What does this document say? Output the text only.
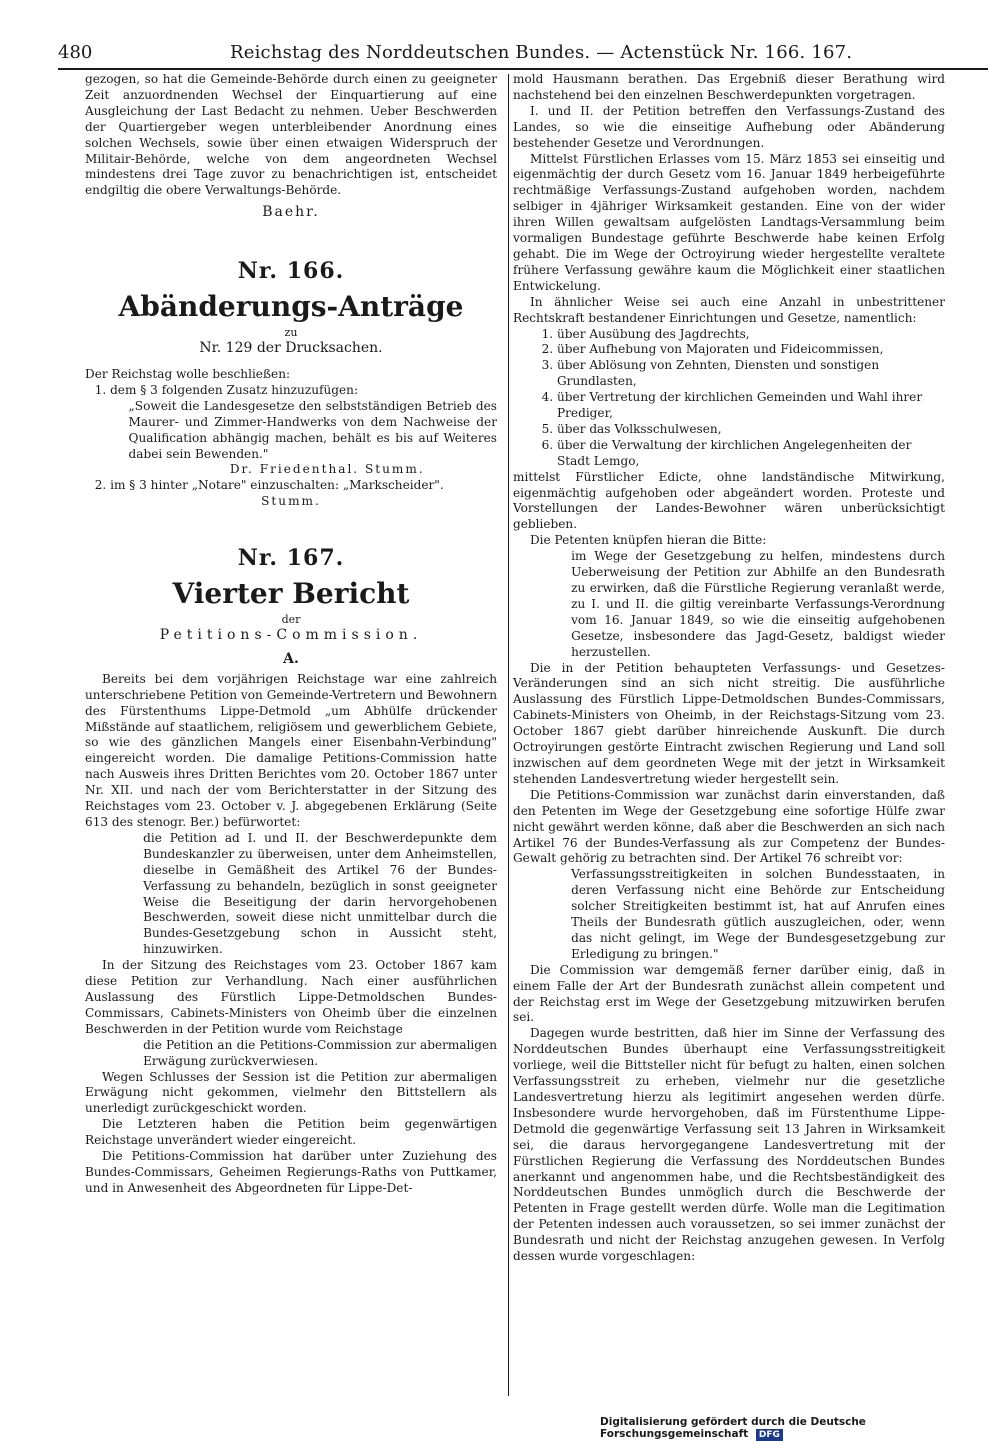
480	Reichstag des Norddeutschen Bundes. — Actenstück Nr. 166. 167.

gezogen, so hat die Gemeinde-Behörde durch einen zu geeigneter Zeit anzuordnenden Wechsel der Einquartierung auf eine Ausgleichung der Last Bedacht zu nehmen. Ueber Beschwerden der Quartiergeber wegen unterbleibender Anordnung eines solchen Wechsels, sowie über einen etwaigen Widerspruch der Militair-Behörde, welche von dem angeordneten Wechsel mindestens drei Tage zuvor zu benachrichtigen ist, entscheidet endgiltig die obere Verwaltungs-Behörde.

Baehr.

Nr. 166.

Abänderungs-Anträge

zu

Nr. 129 der Drucksachen.

Der Reichstag wolle beschließen:

1. dem § 3 folgenden Zusatz hinzuzufügen:

„Soweit die Landesgesetze den selbstständigen Betrieb des Maurer- und Zimmer-Handwerks von dem Nachweise der Qualification abhängig machen, behält es bis auf Weiteres dabei sein Bewenden."

Dr. Friedenthal. Stumm.

2. im § 3 hinter „Notare" einzuschalten: „Markscheider".

Stumm.

Nr. 167.

Vierter Bericht

der

Petitions-Commission.

A.

Bereits bei dem vorjährigen Reichstage war eine zahlreich unterschriebene Petition von Gemeinde-Vertretern und Bewohnern des Fürstenthums Lippe-Detmold „um Abhülfe drückender Mißstände auf staatlichem, religiösem und gewerblichem Gebiete, so wie des gänzlichen Mangels einer Eisenbahn-Verbindung" eingereicht worden. Die damalige Petitions-Commission hatte nach Ausweis ihres Dritten Berichtes vom 20. October 1867 unter Nr. XII. und nach der vom Berichterstatter in der Sitzung des Reichstages vom 23. October v. J. abgegebenen Erklärung (Seite 613 des stenogr. Ber.) befürwortet:

die Petition ad I. und II. der Beschwerdepunkte dem Bundeskanzler zu überweisen, unter dem Anheimstellen, dieselbe in Gemäßheit des Artikel 76 der Bundes-Verfassung zu behandeln, bezüglich in sonst geeigneter Weise die Beseitigung der darin hervorgehobenen Beschwerden, soweit diese nicht unmittelbar durch die Bundes-Gesetzgebung schon in Aussicht steht, hinzuwirken.

In der Sitzung des Reichstages vom 23. October 1867 kam diese Petition zur Verhandlung. Nach einer ausführlichen Auslassung des Fürstlich Lippe-Detmoldschen Bundes-Commissars, Cabinets-Ministers von Oheimb über die einzelnen Beschwerden in der Petition wurde vom Reichstage

die Petition an die Petitions-Commission zur abermaligen Erwägung zurückverwiesen.

Wegen Schlusses der Session ist die Petition zur abermaligen Erwägung nicht gekommen, vielmehr den Bittstellern als unerledigt zurückgeschickt worden.

Die Letzteren haben die Petition beim gegenwärtigen Reichstage unverändert wieder eingereicht.

Die Petitions-Commission hat darüber unter Zuziehung des Bundes-Commissars, Geheimen Regierungs-Raths von Puttkamer, und in Anwesenheit des Abgeordneten für Lippe-Det-

mold Hausmann berathen. Das Ergebniß dieser Berathung wird nachstehend bei den einzelnen Beschwerdepunkten vorgetragen.

I. und II. der Petition betreffen den Verfassungs-Zustand des Landes, so wie die einseitige Aufhebung oder Abänderung bestehender Gesetze und Verordnungen.

Mittelst Fürstlichen Erlasses vom 15. März 1853 sei einseitig und eigenmächtig der durch Gesetz vom 16. Januar 1849 herbeigeführte rechtmäßige Verfassungs-Zustand aufgehoben worden, nachdem selbiger in 4jähriger Wirksamkeit gestanden. Eine von der wider ihren Willen gewaltsam aufgelösten Landtags-Versammlung beim vormaligen Bundestage geführte Beschwerde habe keinen Erfolg gehabt. Die im Wege der Octroyirung wieder hergestellte veraltete frühere Verfassung gewähre kaum die Möglichkeit einer staatlichen Entwickelung.

In ähnlicher Weise sei auch eine Anzahl in unbestrittener Rechtskraft bestandener Einrichtungen und Gesetze, namentlich:

1. über Ausübung des Jagdrechts,
2. über Aufhebung von Majoraten und Fideicommissen,
3. über Ablösung von Zehnten, Diensten und sonstigen Grundlasten,
4. über Vertretung der kirchlichen Gemeinden und Wahl ihrer Prediger,
5. über das Volksschulwesen,
6. über die Verwaltung der kirchlichen Angelegenheiten der Stadt Lemgo,

mittelst Fürstlicher Edicte, ohne landständische Mitwirkung, eigenmächtig aufgehoben oder abgeändert worden. Proteste und Vorstellungen der Landes-Bewohner wären unberücksichtigt geblieben.

Die Petenten knüpfen hieran die Bitte:

im Wege der Gesetzgebung zu helfen, mindestens durch Ueberweisung der Petition zur Abhilfe an den Bundesrath zu erwirken, daß die Fürstliche Regierung veranlaßt werde, zu I. und II. die giltig vereinbarte Verfassungs-Verordnung vom 16. Januar 1849, so wie die einseitig aufgehobenen Gesetze, insbesondere das Jagd-Gesetz, baldigst wieder herzustellen.

Die in der Petition behaupteten Verfassungs- und Gesetzes-Veränderungen sind an sich nicht streitig. Die ausführliche Auslassung des Fürstlich Lippe-Detmoldschen Bundes-Commissars, Cabinets-Ministers von Oheimb, in der Reichstags-Sitzung vom 23. October 1867 giebt darüber hinreichende Auskunft. Die durch Octroyirungen gestörte Eintracht zwischen Regierung und Land soll inzwischen auf dem geordneten Wege mit der jetzt in Wirksamkeit stehenden Landesvertretung wieder hergestellt sein.

Die Petitions-Commission war zunächst darin einverstanden, daß den Petenten im Wege der Gesetzgebung eine sofortige Hülfe zwar nicht gewährt werden könne, daß aber die Beschwerden an sich nach Artikel 76 der Bundes-Verfassung als zur Competenz der Bundes-Gewalt gehörig zu betrachten sind. Der Artikel 76 schreibt vor:

Verfassungsstreitigkeiten in solchen Bundesstaaten, in deren Verfassung nicht eine Behörde zur Entscheidung solcher Streitigkeiten bestimmt ist, hat auf Anrufen eines Theils der Bundesrath gütlich auszugleichen, oder, wenn das nicht gelingt, im Wege der Bundesgesetzgebung zur Erledigung zu bringen."

Die Commission war demgemäß ferner darüber einig, daß in einem Falle der Art der Bundesrath zunächst allein competent und der Reichstag erst im Wege der Gesetzgebung mitzuwirken berufen sei.

Dagegen wurde bestritten, daß hier im Sinne der Verfassung des Norddeutschen Bundes überhaupt eine Verfassungsstreitigkeit vorliege, weil die Bittsteller nicht für befugt zu halten, einen solchen Verfassungsstreit zu erheben, vielmehr nur die gesetzliche Landesvertretung hierzu als legitimirt angesehen werden dürfe. Insbesondere wurde hervorgehoben, daß im Fürstenthume Lippe-Detmold die gegenwärtige Verfassung seit 13 Jahren in Wirksamkeit sei, die daraus hervorgegangene Landesvertretung mit der Fürstlichen Regierung die Verfassung des Norddeutschen Bundes anerkannt und angenommen habe, und die Rechtsbeständigkeit des Norddeutschen Bundes unmöglich durch die Beschwerde der Petenten in Frage gestellt werden dürfe. Wolle man die Legitimation der Petenten indessen auch voraussetzen, so sei immer zunächst der Bundesrath und nicht der Reichstag anzugehen gewesen. In Verfolg dessen wurde vorgeschlagen:

Digitalisierung gefördert durch die Deutsche Forschungsgemeinschaft DFG
